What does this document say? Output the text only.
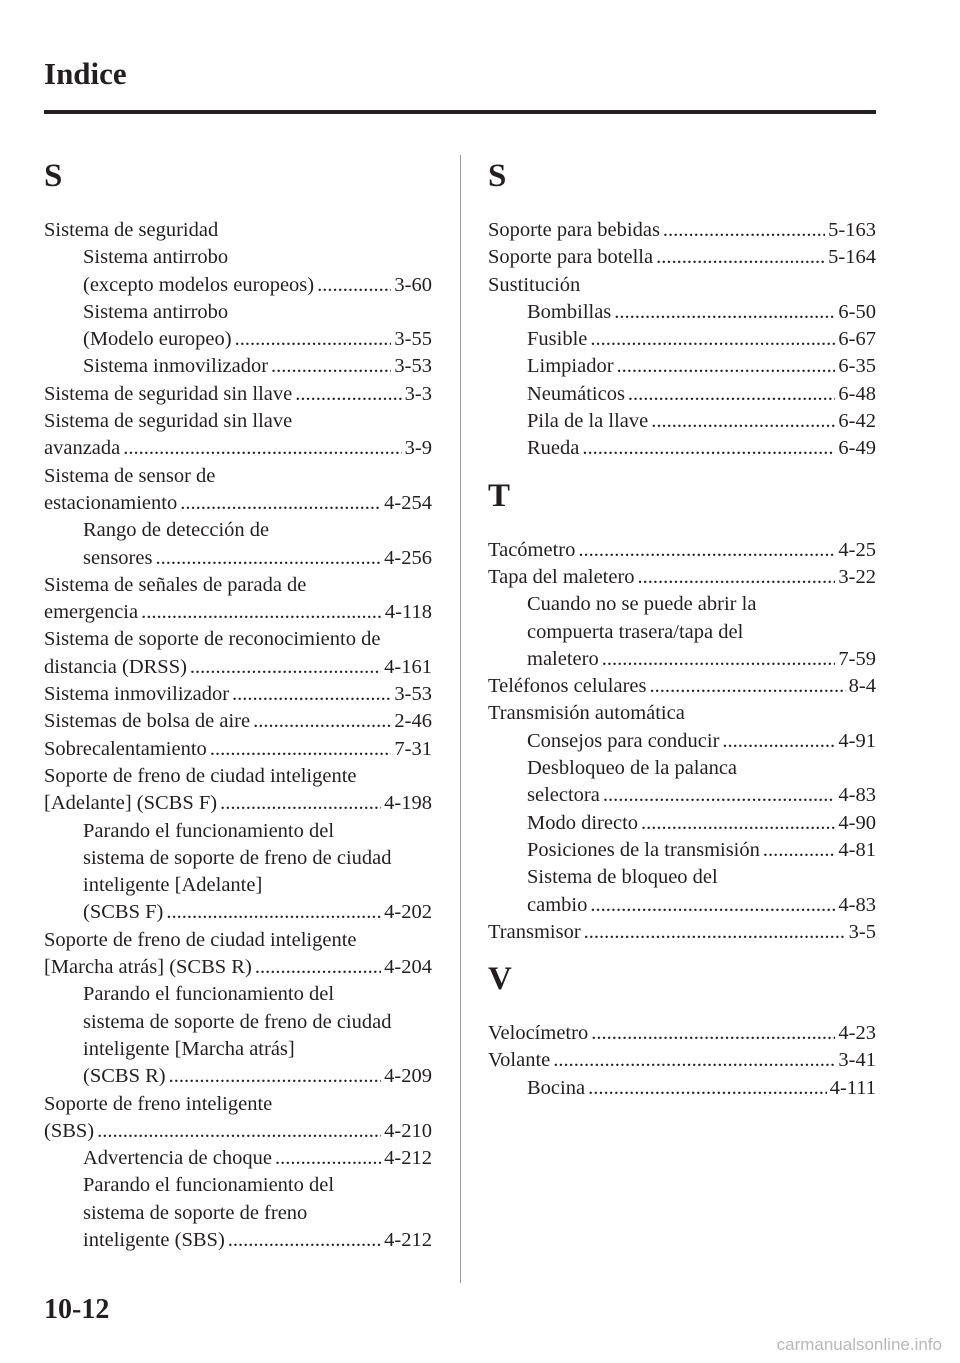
Indice
S
Sistema de seguridad
Sistema antirrobo
(excepto modelos europeos) .....	3-60
Sistema antirrobo
(Modelo europeo) .....	3-55
Sistema inmovilizador .....	3-53
Sistema de seguridad sin llave .....	3-3
Sistema de seguridad sin llave
avanzada .....	3-9
Sistema de sensor de
estacionamiento .....	4-254
Rango de detección de
sensores .....	4-256
Sistema de señales de parada de
emergencia .....	4-118
Sistema de soporte de reconocimiento de
distancia (DRSS) .....	4-161
Sistema inmovilizador .....	3-53
Sistemas de bolsa de aire .....	2-46
Sobrecalentamiento .....	7-31
Soporte de freno de ciudad inteligente
[Adelante] (SCBS F) .....	4-198
Parando el funcionamiento del
sistema de soporte de freno de ciudad
inteligente [Adelante]
(SCBS F) .....	4-202
Soporte de freno de ciudad inteligente
[Marcha atrás] (SCBS R) .....	4-204
Parando el funcionamiento del
sistema de soporte de freno de ciudad
inteligente [Marcha atrás]
(SCBS R) .....	4-209
Soporte de freno inteligente
(SBS) .....	4-210
Advertencia de choque .....	4-212
Parando el funcionamiento del
sistema de soporte de freno
inteligente (SBS) .....	4-212
S
Soporte para bebidas .....	5-163
Soporte para botella .....	5-164
Sustitución
Bombillas .....	6-50
Fusible .....	6-67
Limpiador .....	6-35
Neumáticos .....	6-48
Pila de la llave .....	6-42
Rueda .....	6-49
T
Tacómetro .....	4-25
Tapa del maletero .....	3-22
Cuando no se puede abrir la
compuerta trasera/tapa del
maletero .....	7-59
Teléfonos celulares .....	8-4
Transmisión automática
Consejos para conducir .....	4-91
Desbloqueo de la palanca
selectora .....	4-83
Modo directo .....	4-90
Posiciones de la transmisión .....	4-81
Sistema de bloqueo del
cambio .....	4-83
Transmisor .....	3-5
V
Velocímetro .....	4-23
Volante .....	3-41
Bocina .....	4-111
10-12
carmanualsonline.info
